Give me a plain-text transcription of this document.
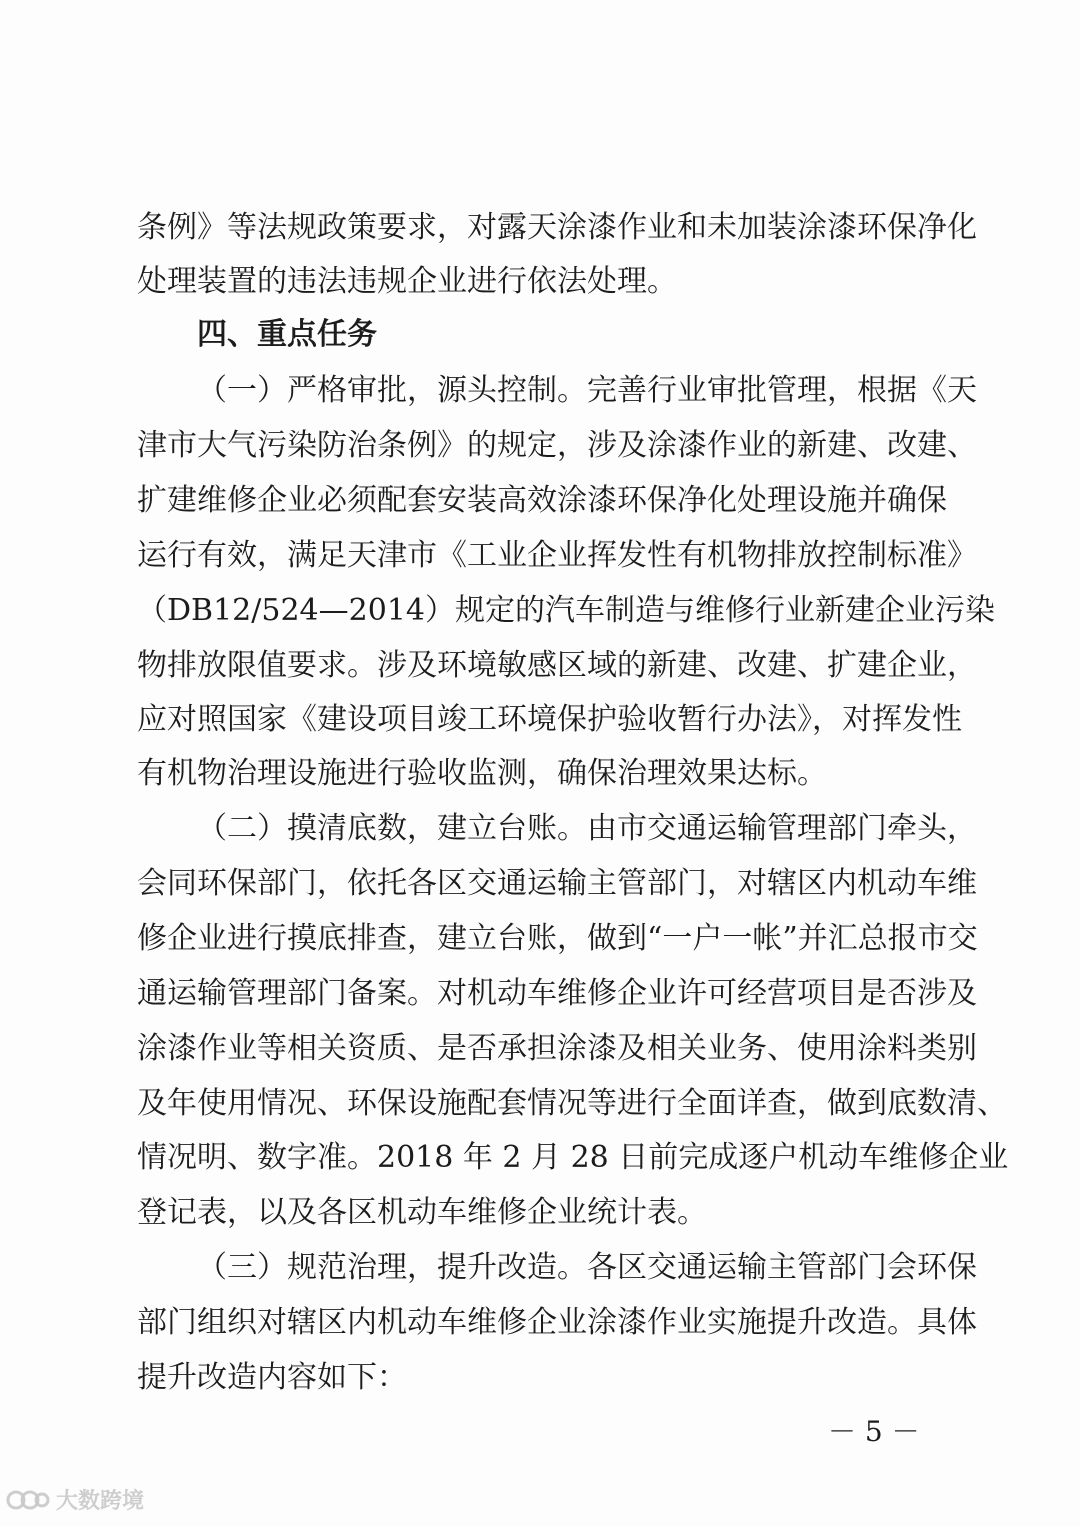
条例》等法规政策要求，对露天涂漆作业和未加装涂漆环保净化
处理装置的违法违规企业进行依法处理。
四、重点任务
（一）严格审批，源头控制。完善行业审批管理，根据《天
津市大气污染防治条例》的规定，涉及涂漆作业的新建、改建、
扩建维修企业必须配套安装高效涂漆环保净化处理设施并确保
运行有效，满足天津市《工业企业挥发性有机物排放控制标准》
（DB12/524—2014）规定的汽车制造与维修行业新建企业污染
物排放限值要求。涉及环境敏感区域的新建、改建、扩建企业，
应对照国家《建设项目竣工环境保护验收暂行办法》，对挥发性
有机物治理设施进行验收监测，确保治理效果达标。
（二）摸清底数，建立台账。由市交通运输管理部门牵头，
会同环保部门，依托各区交通运输主管部门，对辖区内机动车维
修企业进行摸底排查，建立台账，做到“一户一帐”并汇总报市交
通运输管理部门备案。对机动车维修企业许可经营项目是否涉及
涂漆作业等相关资质、是否承担涂漆及相关业务、使用涂料类别
及年使用情况、环保设施配套情况等进行全面详查，做到底数清、
情况明、数字准。2018 年 2 月 28 日前完成逐户机动车维修企业
登记表，以及各区机动车维修企业统计表。
（三）规范治理，提升改造。各区交通运输主管部门会环保
部门组织对辖区内机动车维修企业涂漆作业实施提升改造。具体
提升改造内容如下：
－ 5 －
大数跨境
